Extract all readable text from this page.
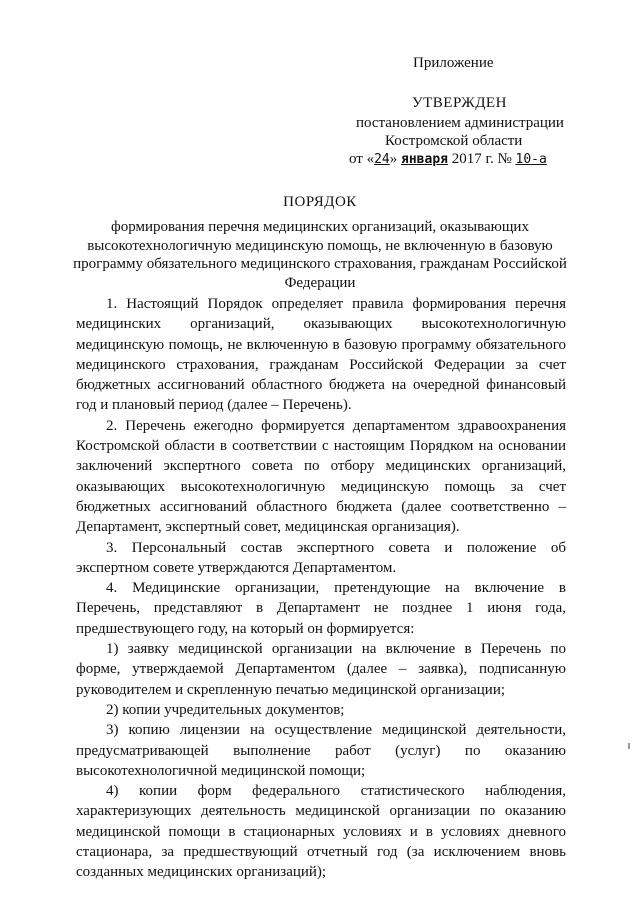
Приложение
УТВЕРЖДЕН
постановлением администрации
Костромской области
от «24» января 2017 г. № 10-а
ПОРЯДОК
формирования перечня медицинских организаций, оказывающих высокотехнологичную медицинскую помощь, не включенную в базовую программу обязательного медицинского страхования, гражданам Российской Федерации

1. Настоящий Порядок определяет правила формирования перечня медицинских организаций, оказывающих высокотехнологичную медицинскую помощь, не включенную в базовую программу обязательного медицинского страхования, гражданам Российской Федерации за счет бюджетных ассигнований областного бюджета на очередной финансовый год и плановый период (далее – Перечень).

2. Перечень ежегодно формируется департаментом здравоохранения Костромской области в соответствии с настоящим Порядком на основании заключений экспертного совета по отбору медицинских организаций, оказывающих высокотехнологичную медицинскую помощь за счет бюджетных ассигнований областного бюджета (далее соответственно – Департамент, экспертный совет, медицинская организация).

3. Персональный состав экспертного совета и положение об экспертном совете утверждаются Департаментом.

4. Медицинские организации, претендующие на включение в Перечень, представляют в Департамент не позднее 1 июня года, предшествующего году, на который он формируется:

1) заявку медицинской организации на включение в Перечень по форме, утверждаемой Департаментом (далее – заявка), подписанную руководителем и скрепленную печатью медицинской организации;

2) копии учредительных документов;

3) копию лицензии на осуществление медицинской деятельности, предусматривающей выполнение работ (услуг) по оказанию высокотехнологичной медицинской помощи;

4) копии форм федерального статистического наблюдения, характеризующих деятельность медицинской организации по оказанию медицинской помощи в стационарных условиях и в условиях дневного стационара, за предшествующий отчетный год (за исключением вновь созданных медицинских организаций);
